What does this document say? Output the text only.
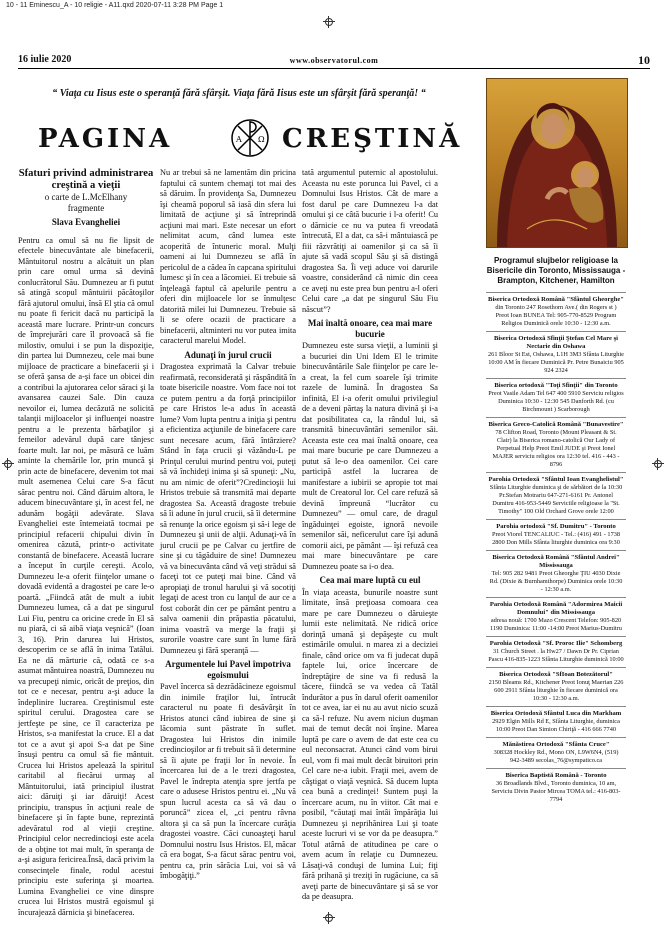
10 - 11 Eminescu_A - 10 religie - A11.qxd 2020-07-11 3:28 PM Page 1
16 iulie 2020	www.observatorul.com	10
“ Viaţa cu Iisus este o speranţă fără sfârşit. Viaţa fără Iisus este un sfârşit fără speranţă! “
PAGINA	A Ω CREŞTINĂ
Sfaturi privind administrarea creştină a vieţii

o carte de L.McElhany

fragmente

Slava Evangheliei

Pentru ca omul să nu fie lipsit de efectele binecuvântate ale binefacerii, Mântuitorul nostru a alcătuit un plan prin care omul urma să devină conlucrătorul Său. Dumnezeu ar fi putut să atingă scopul mântuirii păcătoşilor fără ajutorul omului, însă El ştia că omul nu poate fi fericit dacă nu participă la această mare lucrare. Printr-un concurs de împrejurări care îl provoacă să fie milostiv, omului i se pun la dispoziţie, din partea lui Dumnezeu, cele mai bune mijloace de practicare a binefacerii şi i se oferă şansa de a-şi face un obicei din a contribui la ajutorarea celor săraci şi la avansarea cauzei Sale. Din cauza nevoilor ei, lumea decăzută ne solicită talanţii mijloacelor şi influenţei noastre pentru a le prezenta bărbaţilor şi femeilor adevărul după care tânjesc foarte mult. Iar noi, pe măsură ce luăm aminte la chemările lor, prin muncă şi prin acte de binefacere, devenim tot mai mult asemenea Celui care S-a făcut sărac pentru noi. Când dăruim altora, le aducem binecuvântare şi, în acest fel, ne adunăm bogăţii adevărate. Slava Evangheliei este întemeiată tocmai pe principiul refacerii chipului divin în omenirea căzută, printr-o activitate constantă de binefacere. Această lucrare a început în curţile cereşti. Acolo, Dumnezeu le-a oferit fiinţelor umane o dovadă evidentă a dragostei pe care le-o poartă. „Fiindcă atât de mult a iubit Dumnezeu lumea, că a dat pe singurul Lui Fiu, pentru ca oricine crede în El să nu piară, ci să aibă viaţa veşnică” (Ioan 3, 16). Prin darurea lui Hristos, descoperim ce se află în inima Tatălui. Ea ne dă mărturie că, odată ce s-a asumat mântuirea noastră, Dumnezeu nu va precupeţi nimic, oricât de preţios, din tot ce e necesar, pentru a-şi aduce la îndeplinire lucrarea. Creştinismul este spiritul cerului. Dragostea care se jertfeşte pe sine, ce îl caracteriza pe Hristos, s-a manifestat la cruce. El a dat tot ce a avut şi apoi S-a dat pe Sine însuşi pentru ca omul să fie mântuit. Crucea lui Hristos apelează la spiritul caritabil al fiecărui urmaş al Mântuitorului, iată principiul ilustrat aici: dăruiţi şi iar dăruiţi! Acest principiu, transpus în acţiuni reale de binefacere şi în fapte bune, reprezintă adevăratul rod al vieţii creştine. Principiul celor necredincioşi este acela de a obţine tot mai mult, în speranţa de a-şi asigura fericirea.Însă, dacă privim la consecinţele finale, rodul acestui principiu este suferinţa şi moartea. Lumina Evangheliei ce vine dinspre crucea lui Hristos mustră egoismul şi încurajează dărnicia şi binefacerea.

Nu ar trebui să ne lamentăm din pricina faptului că suntem chemaţi tot mai des să dăruim. În providenţa Sa, Dumnezeu îşi cheamă poporul să iasă din sfera lui limitată de acţiune şi să întreprindă acţiuni mai mari. Este necesar un efort nelimitat acum, când lumea este acoperită de întuneric moral. Mulţi oameni ai lui Dumnezeu se află în pericolul de a cădea în capcana spiritului lumesc şi în cea a lăcomiei. Ei trebuie să înţeleagă faptul că apelurile pentru a oferi din mijloacele lor se înmulţesc datorită milei lui Dumnezeu. Trebuie să li se ofere ocazii de practicare a binefacerii, altminteri nu vor putea imita caracterul marelui Model.

Adunaţi în jurul crucii

Dragostea exprimată la Calvar trebuie reafirmată, reconsiderată şi răspândită în toate bisericile noastre. Vom face noi tot ce putem pentru a da forţă principiilor pe care Hristos le-a adus în această lume? Vom lupta pentru a iniţia şi pentru a eficientiza acţiunile de binefacere care sunt necesare acum, fără întârziere? Stând în faţa crucii şi văzându-L pe Prinţul cerului murind pentru voi, puteţi să vă închideţi inima şi să spuneţi: „Nu, nu am nimic de oferit”?Credincioşii lui Hristos trebuie să transmită mai departe dragostea Sa. Această dragoste trebuie să îi adune în jurul crucii, să îi determine să renunţe la orice egoism şi să-i lege de Dumnezeu şi unii de alţii. Adunaţi-vă în jurul crucii pe pe Calvar cu jertfire de sine şi cu tăgăduire de sine! Dumnezeu vă va binecuvânta când vă veţi strădui să faceţi tot ce puteţi mai bine. Când vă apropiaţi de tronul harului şi vă socotiţi legaţi de acest tron cu lanţul de aur ce a fost coborât din cer pe pământ pentru a salva oamenii din prăpastia păcatului, inima voastră va merge la fraţii şi surorile voastre care sunt în lume fără Dumnezeu şi fără speranţă —

Argumentele lui Pavel împotriva egoismului

Pavel încerca să dezrădăcineze egoismul din inimile fraţilor lui, întrucât caracterul nu poate fi desăvârşit în Hristos atunci când iubirea de sine şi lăcomia sunt păstrate în suflet. Dragostea lui Hristos din inimile credincioşilor ar fi trebuit să îi determine să îi ajute pe fraţii lor în nevoie. În încercarea lui de a le trezi dragostea, Pavel le îndrepta atenţia spre jertfa pe care o adusese Hristos pentru ei. „Nu vă spun lucrul acesta ca să vă dau o poruncă” zicea el, „ci pentru râvna altora şi ca să pun la încercare curăţia dragostei voastre. Căci cunoaşteţi harul Domnului nostru Isus Hristos. El, măcar că era bogat, S-a făcut sărac pentru voi, pentru ca, prin sărăcia Lui, voi să vă îmbogăţiţi.”

tată argumentul puternic al apostolului. Aceasta nu este porunca lui Pavel, ci a Domnului Isus Hristos. Cât de mare a fost darul pe care Dumnezeu l-a dat omului şi ce câtă bucurie i l-a oferit! Cu o dărnicie ce nu va putea fi vreodată întrecută, El a dat, ca să-i mântuiască pe fiii răzvrătiţi ai oamenilor şi ca să îi ajute să vadă scopul Său şi să distingă dragostea Sa. Îi veţi aduce voi darurile voastre, considerând că nimic din ceea ce aveţi nu este prea bun pentru a-l oferi Celui care „a dat pe singurul Său Fiu născut”?

Mai înaltă onoare, cea mai mare bucurie

Dumnezeu este sursa vieţii, a luminii şi a bucuriei din Uni Idem El le trimite binecuvântările Sale fiinţelor pe care le-a creat, la fel cum soarele îşi trimite razele de lumină. În dragostea Sa infinită, El i-a oferit omului privilegiul de a deveni părtaş la natura divină şi i-a dat posibilitatea ca, la rândul lui, să transmită binecuvântări semenilor săi. Aceasta este cea mai înaltă onoare, cea mai mare bucurie pe care Dumnezeu a putut să le-o dea oamenilor. Cei care participă astfel la lucrarea de manifestare a iubirii se apropie tot mai mult de Creatorul lor. Cel care refuză să devină împreună “lucrător cu Dumnezeu” — omul care, de dragul îngăduinţei egoiste, ignoră nevoile semenilor săi, neficerulut care îşi adună comorii aici, pe pământ — îşi refuză cea mai mare binecuvântare pe care Dumnezeu poate sa i-o dea.

Cea mai mare luptă cu eul

În viaţa aceasta, bunurile noastre sunt limitate, însă preţioasa comoara cea mare pe care Dumnezeu o dăruieşte lumii este nelimitată. Ne ridică orice dorinţă umană şi depăşeşte cu mult estimările omului. n marea zi a deciziei finale, când orice om va fi judecat după faptele lui, orice încercare de îndreptăţire de sine va fi redusă la tăcere, fiindcă se va vedea că Tatăl îndurător a pus în darul oferit oamenilor tot ce avea, iar ei nu au avut nicio scuză ca să-l refuze. Nu avem niciun duşman mai de temut decât noi înşine. Marea luptă pe care o avem de dat este cea cu eul neconsacrat. Atunci când vom birui eul, vom fi mai mult decât biruitori prin Cel care ne-a iubit. Fraţii mei, avem de câştigat o viaţă veşnică. Să ducem lupta cea bună a credinţei! Suntem puşi la încercare acum, nu în viitor. Cât mai e posibil, “căutaţi mai întâi împărăţia lui Dumnezeu şi neprihănirea Lui şi toate aceste lucruri vi se vor da pe deasupra.” Totul atârnă de atitudinea pe care o avem acum în relaţie cu Dumnezeu. Lăsaţi-vă conduşi de lumina Lui; fiţi fără prihană şi treziţi în rugăciune, ca să aveţi parte de binecuvântare şi să se vor da pe deasupra.

Programul slujbelor religioase la Bisericile din Toronto, Mississauga - Brampton, Kitchener, Hamilton
Biserica Ortodoxă Română "Sfântul Gheorghe"
din Toronto 247 Rosethorn Ave.( din Rogers st ) Preot Ioan BUNEA Tel: 905-770-8529 Program Religios Duminică orele 10:30 - 12:30 a.m.
Biserica Ortodoxă Sfinţii Ştefan Cel Mare şi Nectarie din Oshawa
261 Bloor St Est, Oshawa, L1H 3M3 Sfânta Liturghie 10:00 AM în fiecare Duminică Pr. Petre Bunaiciu 905 924 2324
Biserica ortodoxă "Toţi Sfinţii" din Toronto
Preot Vasile Adam Tel 647 400 5910 Serviciu religios Duminica 10:30 - 12:30 545 Danforth Rd. (cu Birchmount ) Scarborough
Biserica Greco-Catolică Română "Bunavestire"
78 Clifton Road, Toronto (Mount Pleasant & St. Clair) la Biserica romano-catolică Our Lady of Perpetual Help Preot Emil JUDE şi Preot Ionel MAJER serviciu religios ora 12:30 tel. 416 - 443 - 8796
Parohia Ortodoxă "Sfântul Ioan Evanghelistul"
Sfânta Liturghie duminica şi de sărbători de la 10:30 Pr.Stefan Motrariu 647-271-6161 Pr. Antonel Dumitru 416-953-5449 Serviciile religioase la "St. Timothy" 100 Old Orchard Grove orele 12:00
Parohia ortodoxă "Sf. Dumitru" - Toronto
Preot Viorel TENCALIUC - Tel.: (416) 491 - 1738 2800 Don Mills Sfânta liturghie duminica ora 9:30
Biserica Ortodoxă Română "Sfântul Andrei" Mississauga
Tel: 905 282 9481 Preot Gheorghe ŢIU 4030 Dixie Rd. (Dixie & Burnhamthorpe) Duminica orele 10:30 - 12:30 a.m.
Parohia Ortodoxă Română "Adormirea Maicii Domnului" din Mississauga
adresa nouă: 1700 Mazo Crescent Telefon: 905-820 1190 Duminica: 11:00 -14:00 Preot Marius-Dumitru
Parohia Ortodoxă "Sf. Proroc Ilie" Schomberg
31 Church Street . la Hw27 / Dawn Dr Pr. Ciprian Pascu 416-835-1223 Sfânta Liturghie duminică 10:00
Biserica Ortodoxă "SfIoan Botezătorul"
2150 Bleams Rd., Kitchener Preot Ionuţ Maerian 226 600 2911 Sfânta liturghie în fiecare duminică ora 10:30 - 12:30 a.m.
Biserica Ortodoxă Sfântul Luca din Markham
2929 Elgin Mills Rd E, Sfânta Liturghie, duminica 10:00 Preot Dan Simion Chiriţă - 416 666 7740
Mănăstirea Ortodoxă "Sfânta Cruce"
308328 Hockley Rd., Mono ON, L9W6N4, (519) 942-3489 secolas_76@sympatico.ca
Biserica Baptistă Română - Toronto
36 Broadlands Blvd., Toronto duminica, 10 am, Serviciu Divin Pastor Mircea TOMA tel.: 416-803-7794
